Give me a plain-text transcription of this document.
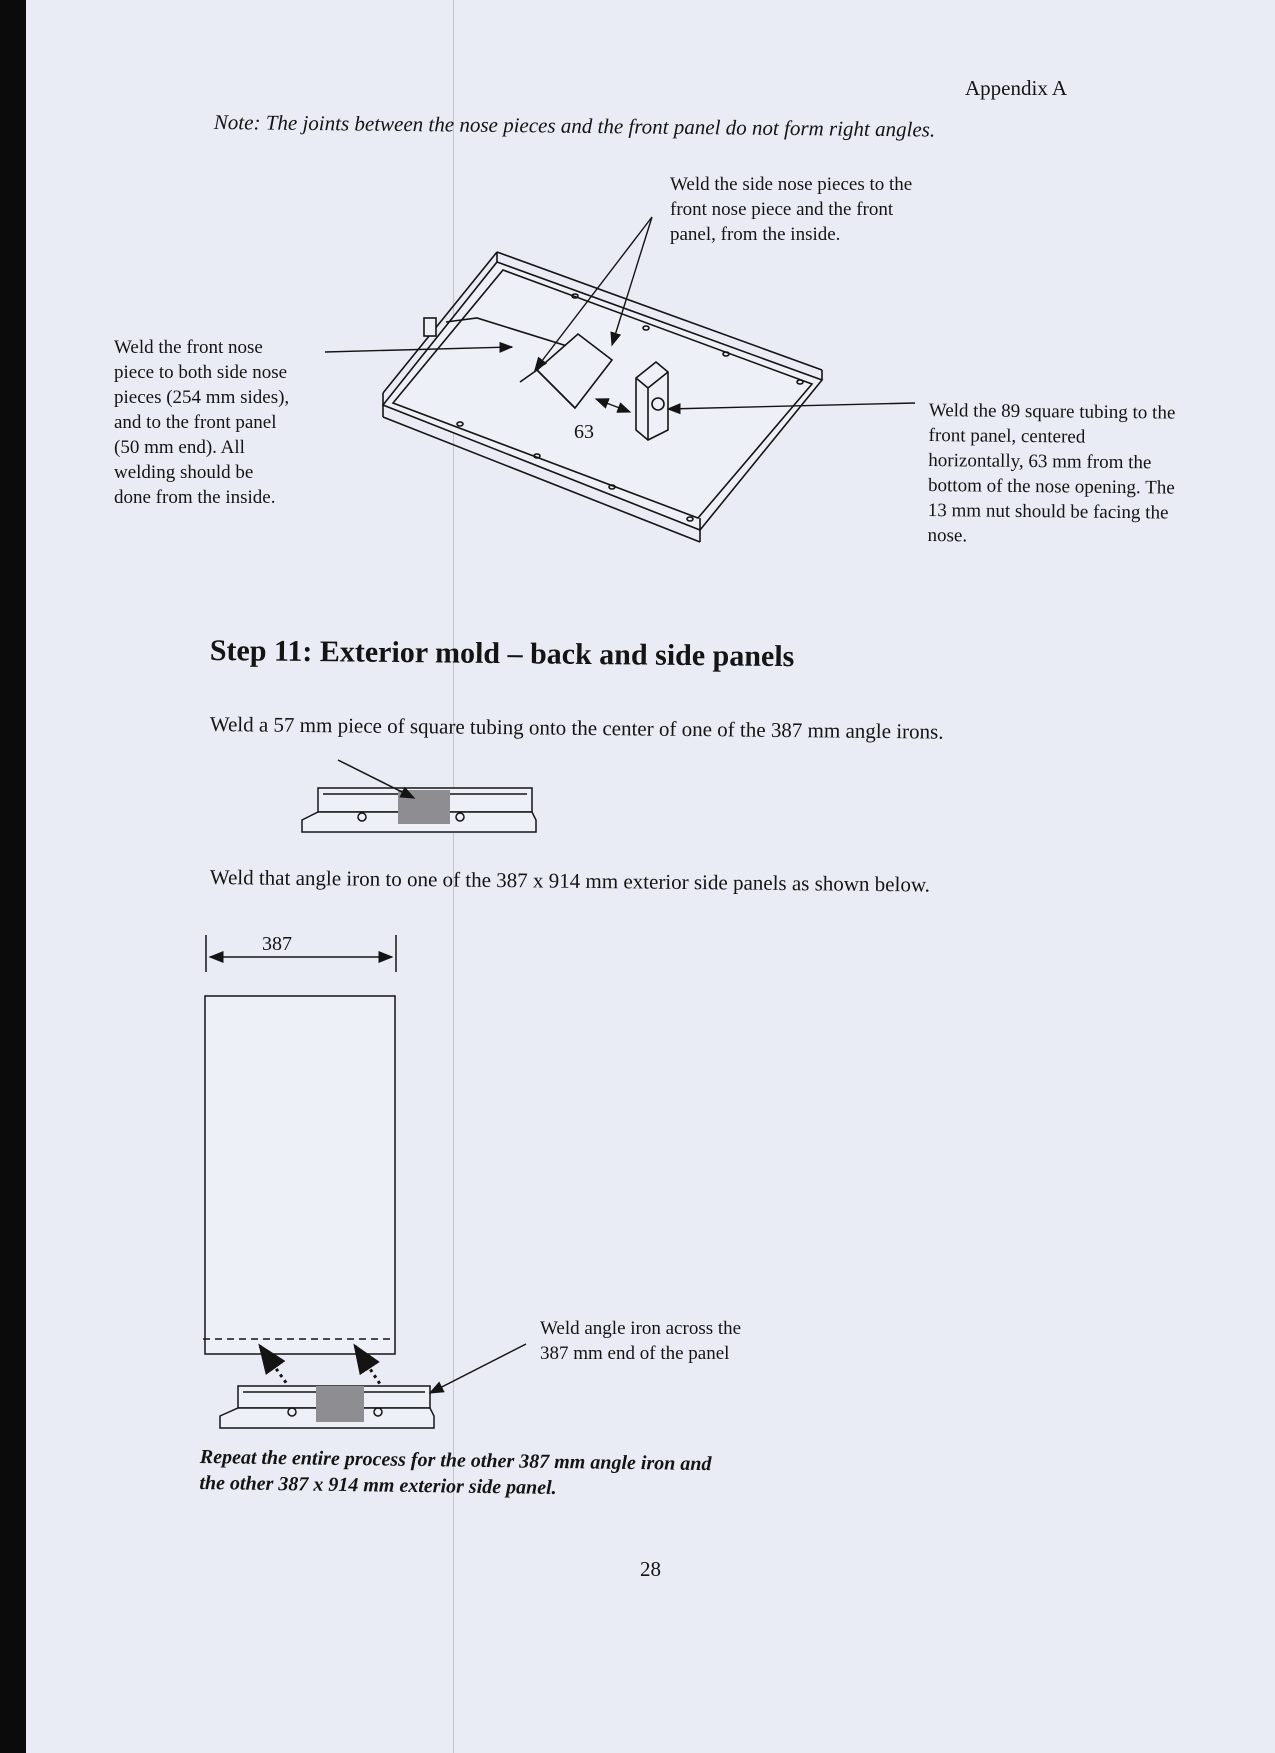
Appendix A

Note: The joints between the nose pieces and the front panel do not form right angles.

Weld the side nose pieces to the
front nose piece and the front
panel, from the inside.

Weld the front nose
piece to both side nose
pieces (254 mm sides),
and to the front panel
(50 mm end). All
welding should be
done from the inside.

Weld the 89 square tubing to the
front panel, centered
horizontally, 63 mm from the
bottom of the nose opening. The
13 mm nut should be facing the
nose.

Step 11: Exterior mold – back and side panels

Weld a 57 mm piece of square tubing onto the center of one of the 387 mm angle irons.

Weld that angle iron to one of the 387 x 914 mm exterior side panels as shown below.

Weld angle iron across the
387 mm end of the panel

Repeat the entire process for the other 387 mm angle iron and
the other 387 x 914 mm exterior side panel.

28

63
387
